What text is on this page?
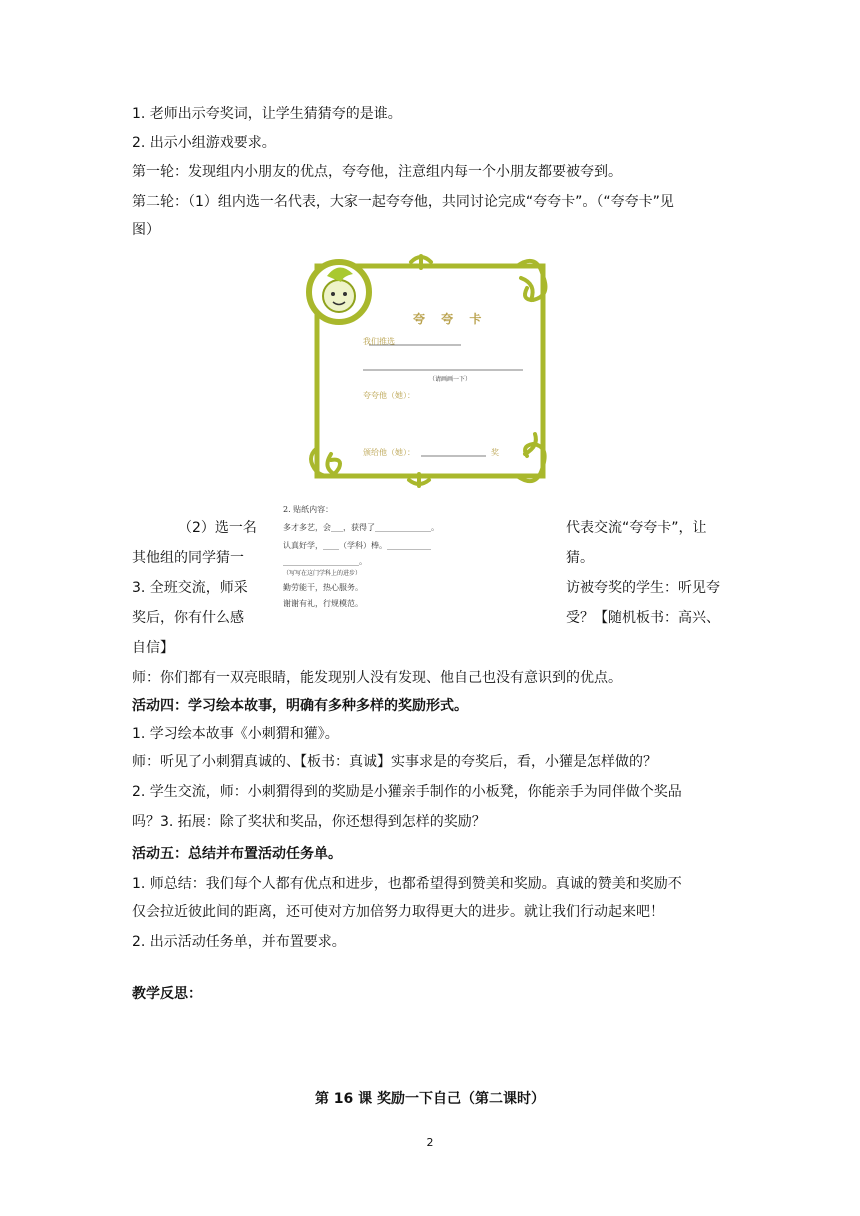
1. 老师出示夸奖词，让学生猜猜夸的是谁。
2. 出示小组游戏要求。
第一轮：发现组内小朋友的优点，夸夸他，注意组内每一个小朋友都要被夸到。
第二轮：（1）组内选一名代表，大家一起夸夸他，共同讨论完成“夸夸卡”。（“夸夸卡”见
图）
夸 夸 卡
我们推选
（请画画一下）
夸夸他（她）：
颁给他（她）：	奖
2. 贴纸内容：
多才多艺，会___，获得了______________。
认真好学，____（学科）棒。___________
___________________。
（写写在这门学科上的进步）
勤劳能干，热心服务。
谢谢有礼，行规模范。
（2）选一名
其他组的同学猜一
3. 全班交流，师采
奖后，你有什么感
代表交流“夸夸卡”，让
猜。
访被夸奖的学生：听见夸
受？【随机板书：高兴、
自信】
师：你们都有一双亮眼睛，能发现别人没有发现、他自己也没有意识到的优点。
活动四：学习绘本故事，明确有多种多样的奖励形式。
1. 学习绘本故事《小刺猬和獾》。
师：听见了小刺猬真诚的、【板书：真诚】实事求是的夸奖后，看，小獾是怎样做的？
2. 学生交流，师：小刺猬得到的奖励是小獾亲手制作的小板凳，你能亲手为同伴做个奖品
吗？3. 拓展：除了奖状和奖品，你还想得到怎样的奖励？
活动五：总结并布置活动任务单。
1. 师总结：我们每个人都有优点和进步，也都希望得到赞美和奖励。真诚的赞美和奖励不
仅会拉近彼此间的距离，还可使对方加倍努力取得更大的进步。就让我们行动起来吧！
2. 出示活动任务单，并布置要求。
教学反思：
第 16 课 奖励一下自己（第二课时）
2
